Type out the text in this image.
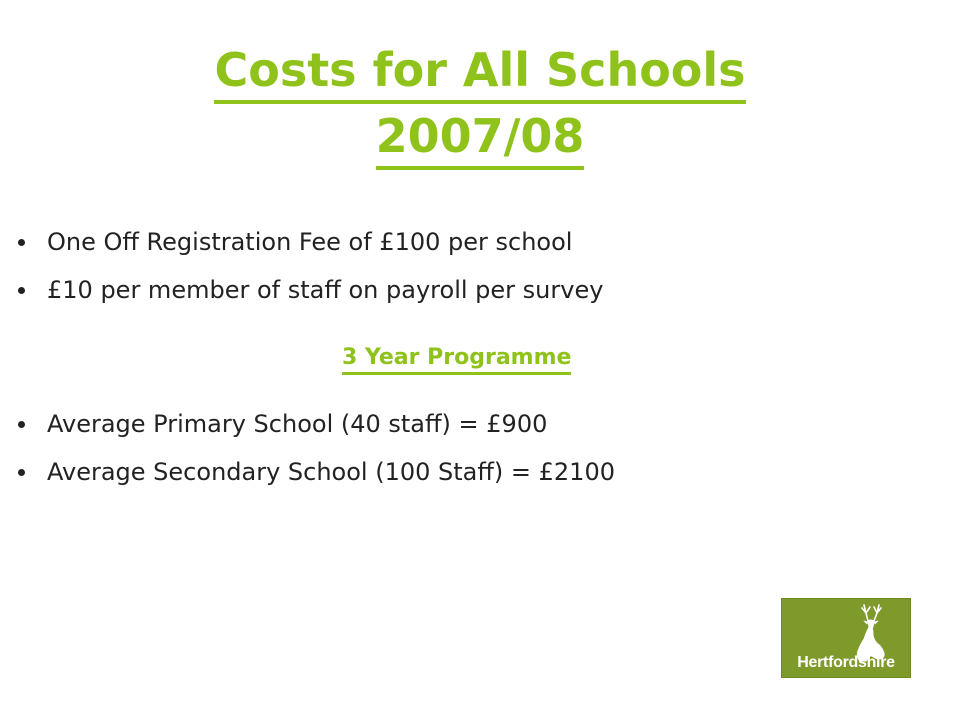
Costs for All Schools
2007/08
One Off Registration Fee of £100 per school
£10 per member of staff on payroll per survey
3 Year Programme
Average Primary School (40 staff) = £900
Average Secondary School (100 Staff) = £2100
Hertfordshire
